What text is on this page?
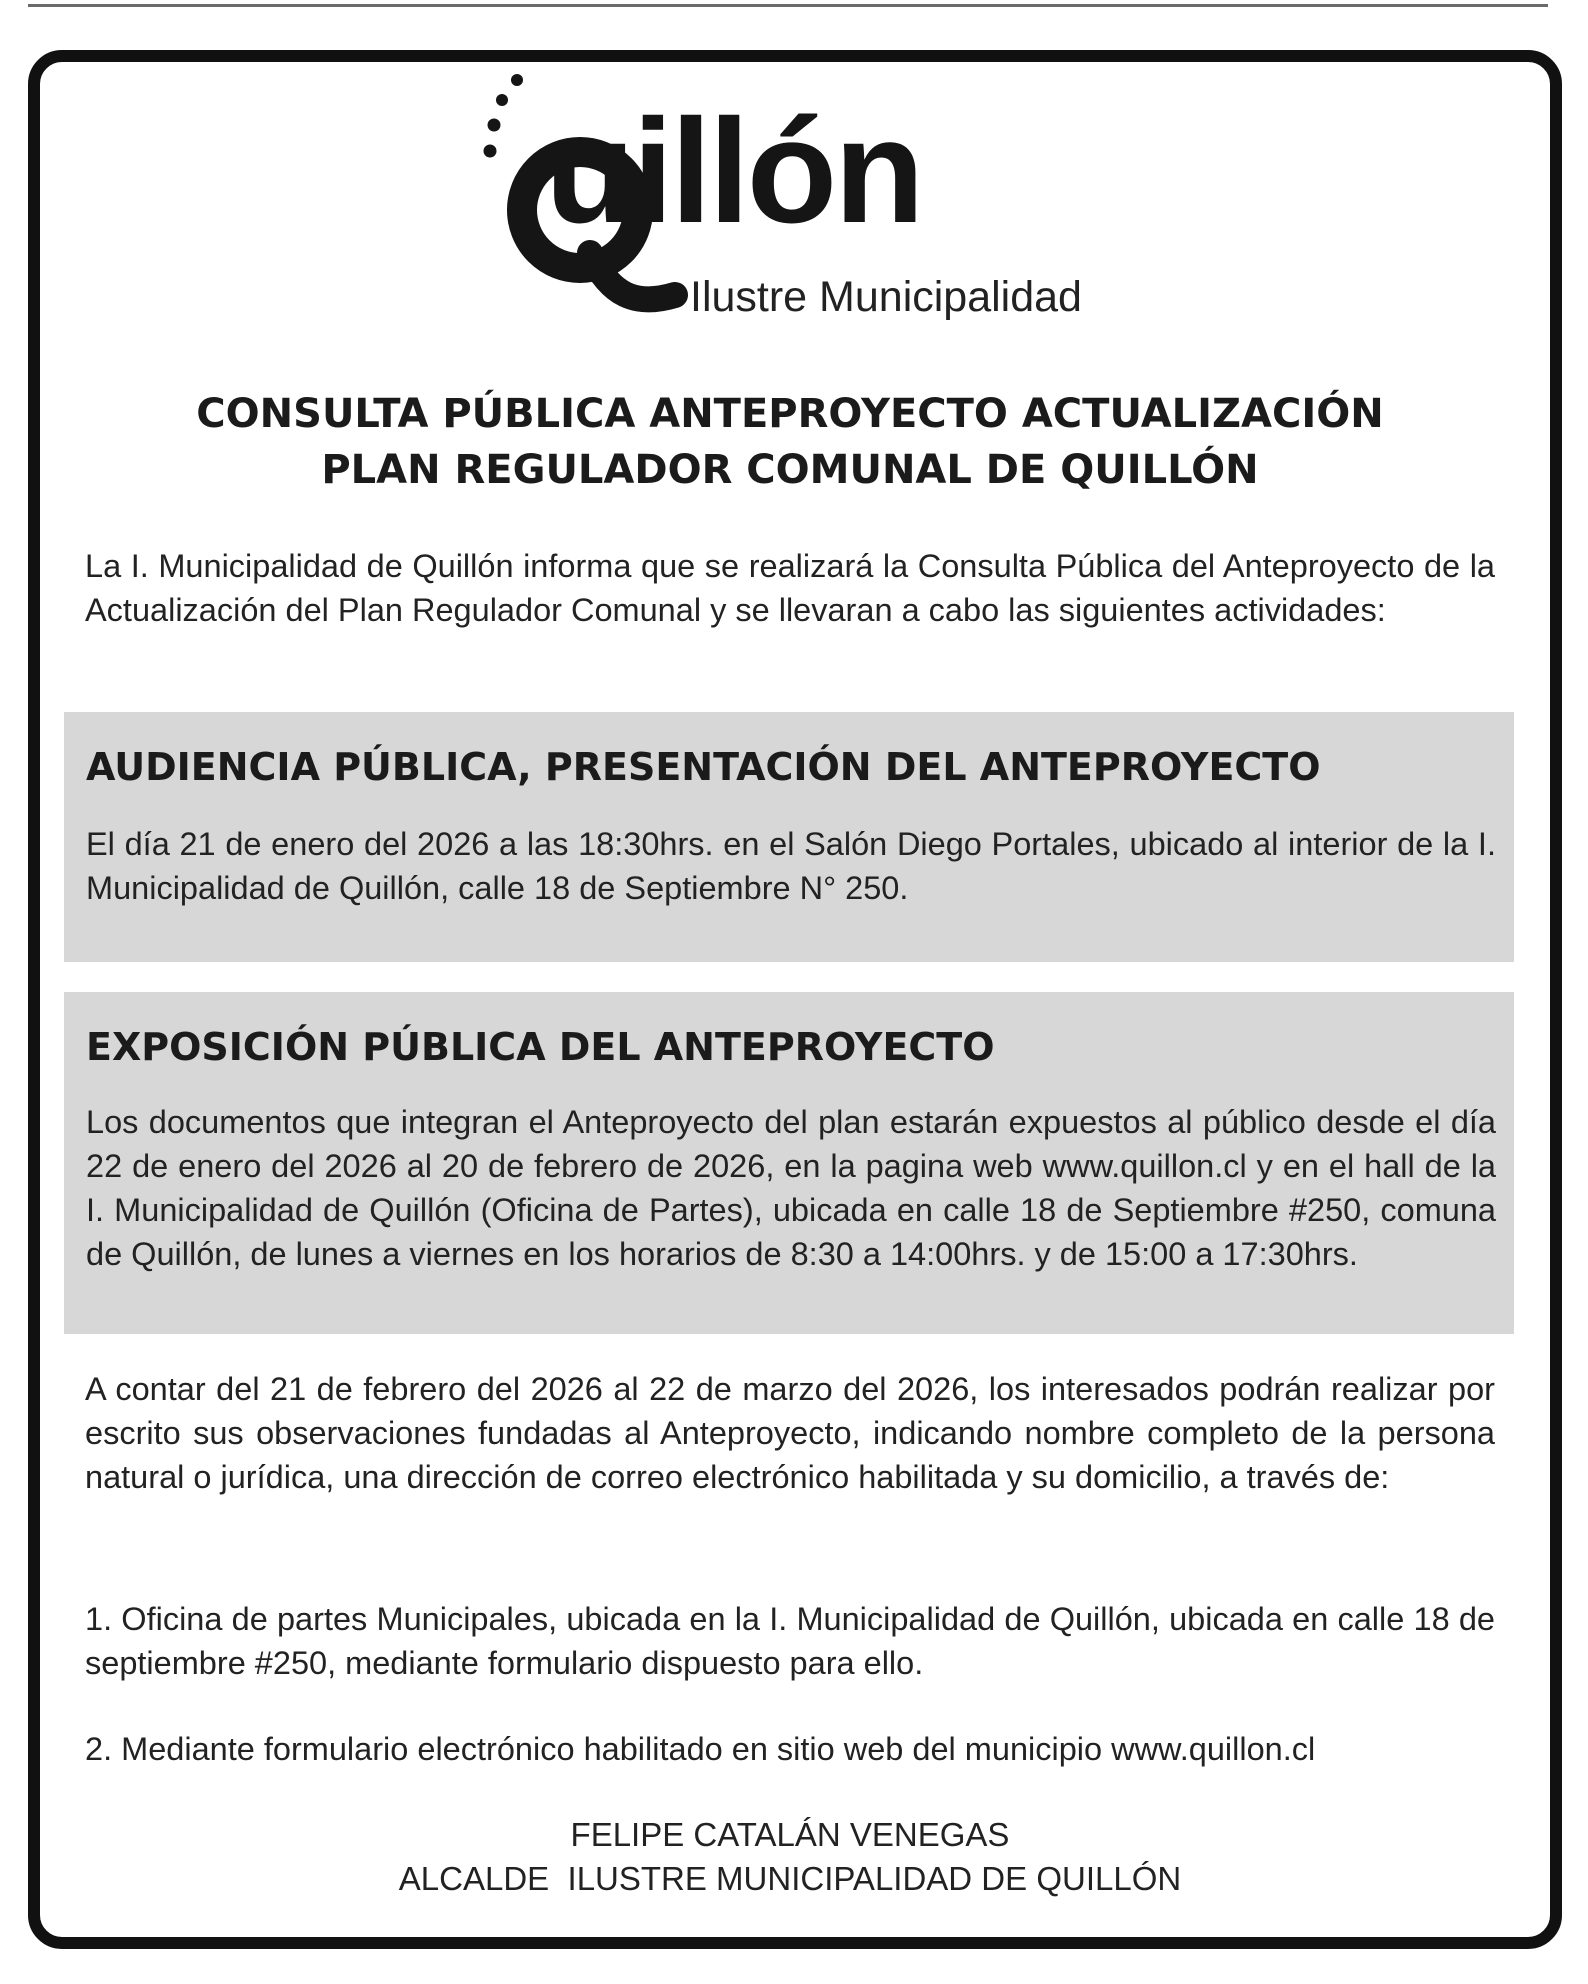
uillón
Ilustre Municipalidad
CONSULTA PÚBLICA ANTEPROYECTO ACTUALIZACIÓN
PLAN REGULADOR COMUNAL DE QUILLÓN
La I. Municipalidad de Quillón informa que se realizará la Consulta Pública del Anteproyecto de la Actualización del Plan Regulador Comunal y se llevaran a cabo las siguientes actividades:
AUDIENCIA PÚBLICA, PRESENTACIÓN DEL ANTEPROYECTO
El día 21 de enero del 2026 a las 18:30hrs. en el Salón Diego Portales, ubicado al interior de la I. Municipalidad de Quillón, calle 18 de Septiembre N° 250.
EXPOSICIÓN PÚBLICA DEL ANTEPROYECTO
Los documentos que integran el Anteproyecto del plan estarán expuestos al público desde el día 22 de enero del 2026 al 20 de febrero de 2026, en la pagina web www.quillon.cl y en el hall de la I. Municipalidad de Quillón (Oficina de Partes), ubicada en calle 18 de Septiembre #250, comuna de Quillón, de lunes a viernes en los horarios de 8:30 a 14:00hrs. y de 15:00 a 17:30hrs.
A contar del 21 de febrero del 2026 al 22 de marzo del 2026, los interesados podrán realizar por escrito sus observaciones fundadas al Anteproyecto, indicando nombre completo de la persona natural o jurídica, una dirección de correo electrónico habilitada y su domicilio, a través de:
1. Oficina de partes Municipales, ubicada en la I. Municipalidad de Quillón, ubicada en calle 18 de septiembre #250, mediante formulario dispuesto para ello.
2. Mediante formulario electrónico habilitado en sitio web del municipio www.quillon.cl
FELIPE CATALÁN VENEGAS
ALCALDE  ILUSTRE MUNICIPALIDAD DE QUILLÓN
